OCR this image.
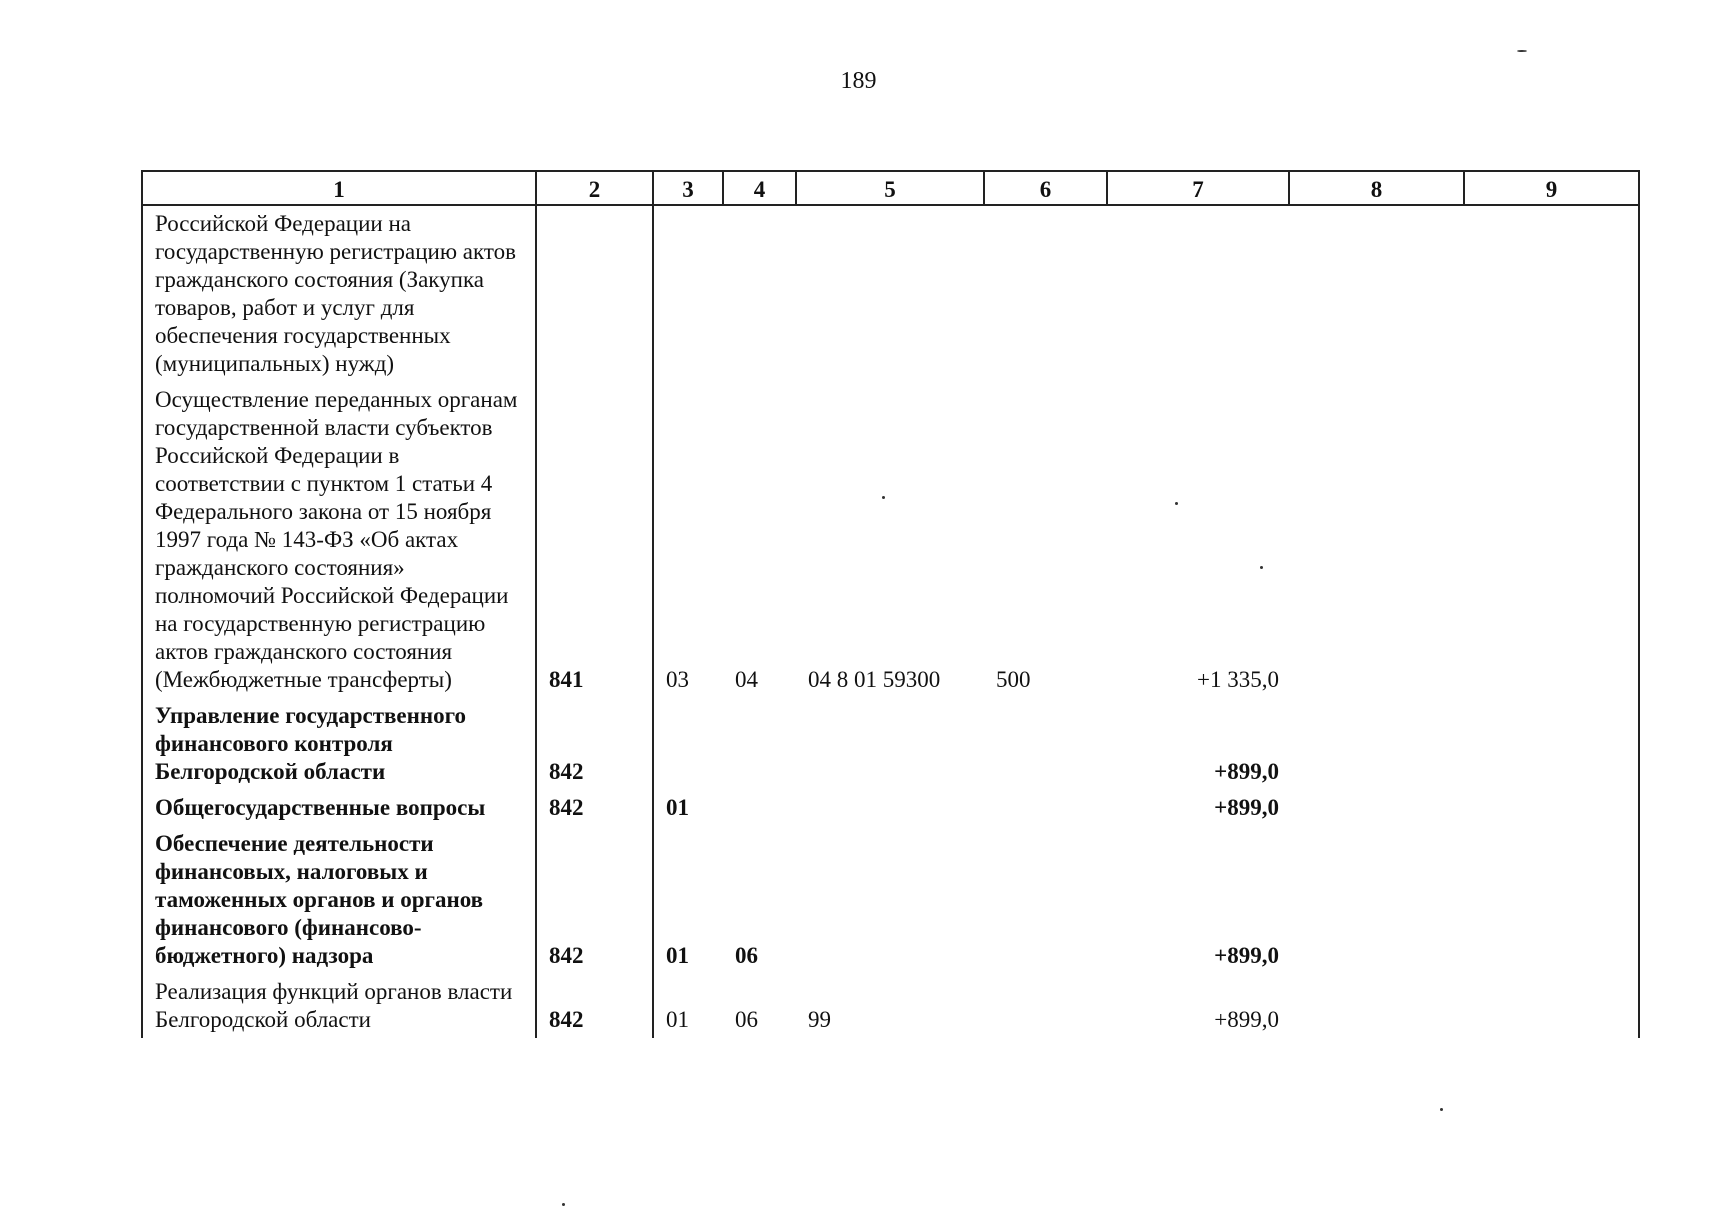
189
1	2	3	4	5	6	7	8	9
Российской Федерации на государственную регистрацию актов гражданского состояния (Закупка товаров, работ и услуг для обеспечения государственных (муниципальных) нужд)								
Осуществление переданных органам государственной власти субъектов Российской Федерации в соответствии с пунктом 1 статьи 4 Федерального закона от 15 ноября 1997 года № 143-ФЗ «Об актах гражданского состояния» полномочий Российской Федерации на государственную регистрацию актов гражданского состояния (Межбюджетные трансферты)	841	03	04	04 8 01 59300	500	+1 335,0		
Управление государственного финансового контроля Белгородской области	842					+899,0		
Общегосударственные вопросы	842	01				+899,0		
Обеспечение деятельности финансовых, налоговых и таможенных органов и органов финансового (финансово-бюджетного) надзора	842	01	06			+899,0		
Реализация функций органов власти Белгородской области	842	01	06	99		+899,0		
